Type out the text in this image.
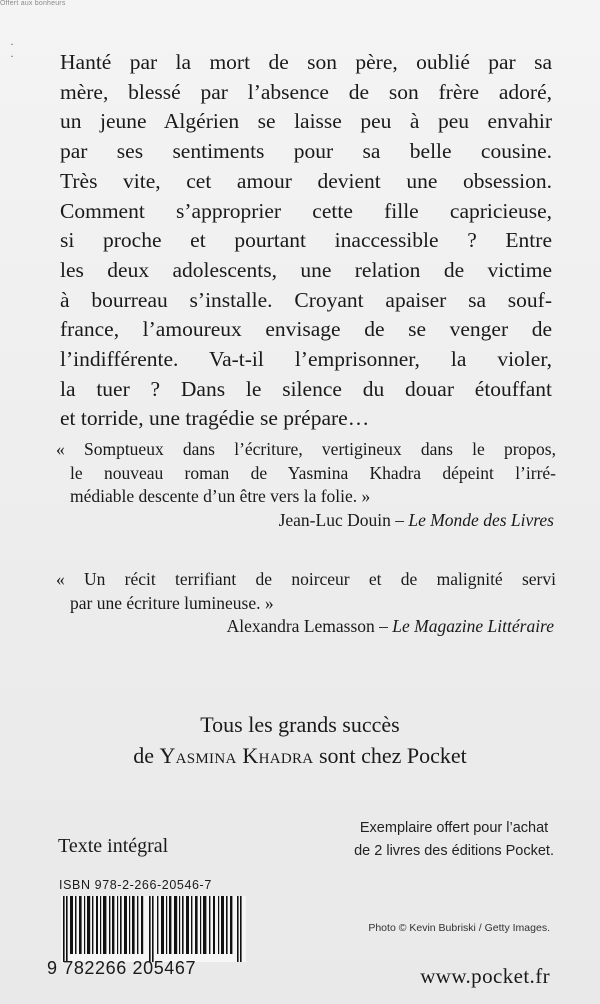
Offert aux bonheurs
·
· Hanté par la mort de son père, oublié par sa
mère, blessé par l’absence de son frère adoré,
un jeune Algérien se laisse peu à peu envahir
par ses sentiments pour sa belle cousine.
Très vite, cet amour devient une obsession.
Comment s’approprier cette fille capricieuse,
si proche et pourtant inaccessible ? Entre
les deux adolescents, une relation de victime
à bourreau s’installe. Croyant apaiser sa souf-
france, l’amoureux envisage de se venger de
l’indifférente. Va-t-il l’emprisonner, la violer,
la tuer ? Dans le silence du douar étouffant
et torride, une tragédie se prépare…

« Somptueux dans l’écriture, vertigineux dans le propos,
le nouveau roman de Yasmina Khadra dépeint l’irré-
médiable descente d’un être vers la folie. »
Jean-Luc Douin – Le Monde des Livres
« Un récit terrifiant de noirceur et de malignité servi
par une écriture lumineuse. »
Alexandra Lemasson – Le Magazine Littéraire
Tous les grands succès
de Yasmina Khadra sont chez Pocket
Texte intégral
Exemplaire offert pour l’achat
de 2 livres des éditions Pocket.
ISBN 978-2-266-20546-7
9 782266 205467
Photo © Kevin Bubriski / Getty Images.
www.pocket.fr
